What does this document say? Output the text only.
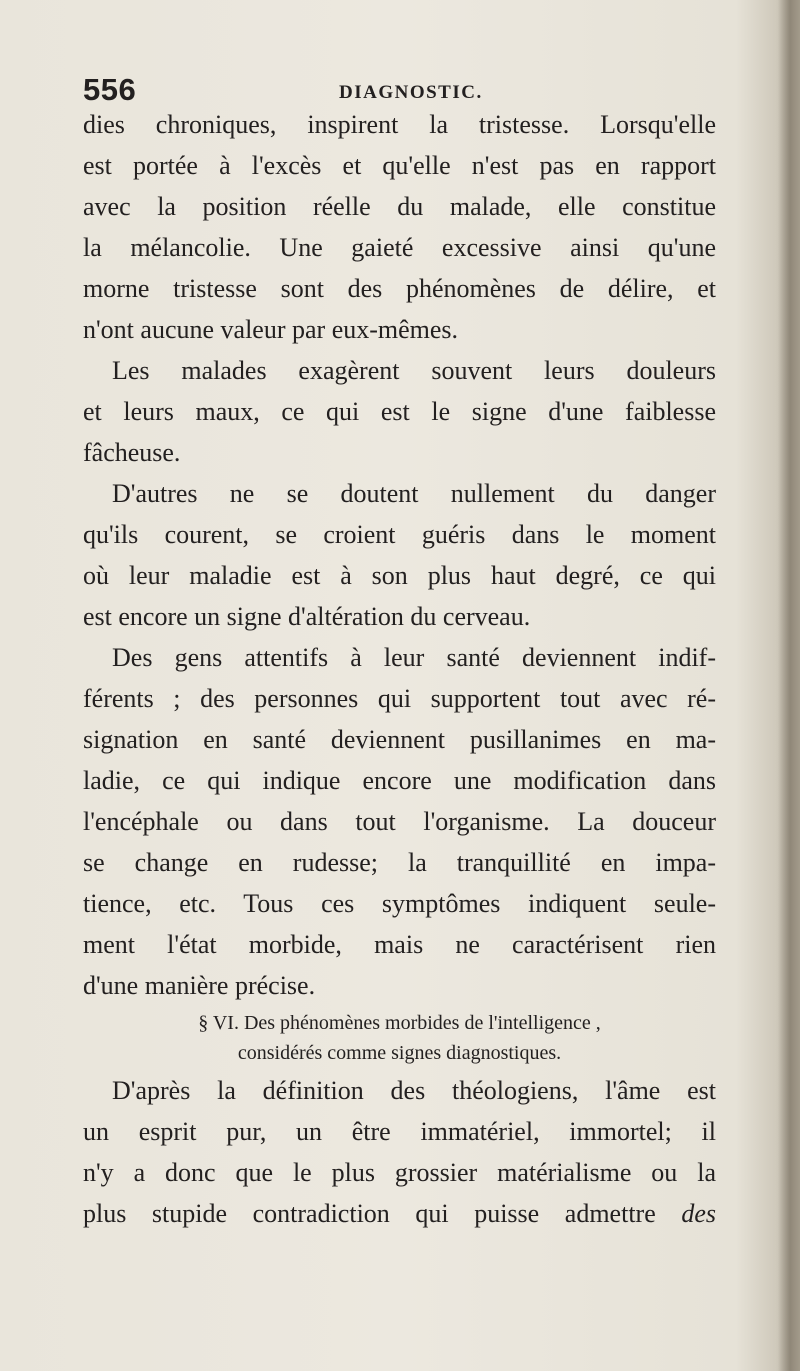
556	DIAGNOSTIC.
dies chroniques, inspirent la tristesse. Lorsqu'elle
est portée à l'excès et qu'elle n'est pas en rapport
avec la position réelle du malade, elle constitue
la mélancolie. Une gaieté excessive ainsi qu'une
morne tristesse sont des phénomènes de délire, et
n'ont aucune valeur par eux-mêmes.
Les malades exagèrent souvent leurs douleurs
et leurs maux, ce qui est le signe d'une faiblesse
fâcheuse.
D'autres ne se doutent nullement du danger
qu'ils courent, se croient guéris dans le moment
où leur maladie est à son plus haut degré, ce qui
est encore un signe d'altération du cerveau.
Des gens attentifs à leur santé deviennent indif-
férents ; des personnes qui supportent tout avec ré-
signation en santé deviennent pusillanimes en ma-
ladie, ce qui indique encore une modification dans
l'encéphale ou dans tout l'organisme. La douceur
se change en rudesse; la tranquillité en impa-
tience, etc. Tous ces symptômes indiquent seule-
ment l'état morbide, mais ne caractérisent rien
d'une manière précise.
§ VI. Des phénomènes morbides de l'intelligence ,
considérés comme signes diagnostiques.
D'après la définition des théologiens, l'âme est
un esprit pur, un être immatériel, immortel; il
n'y a donc que le plus grossier matérialisme ou la
plus stupide contradiction qui puisse admettre des
